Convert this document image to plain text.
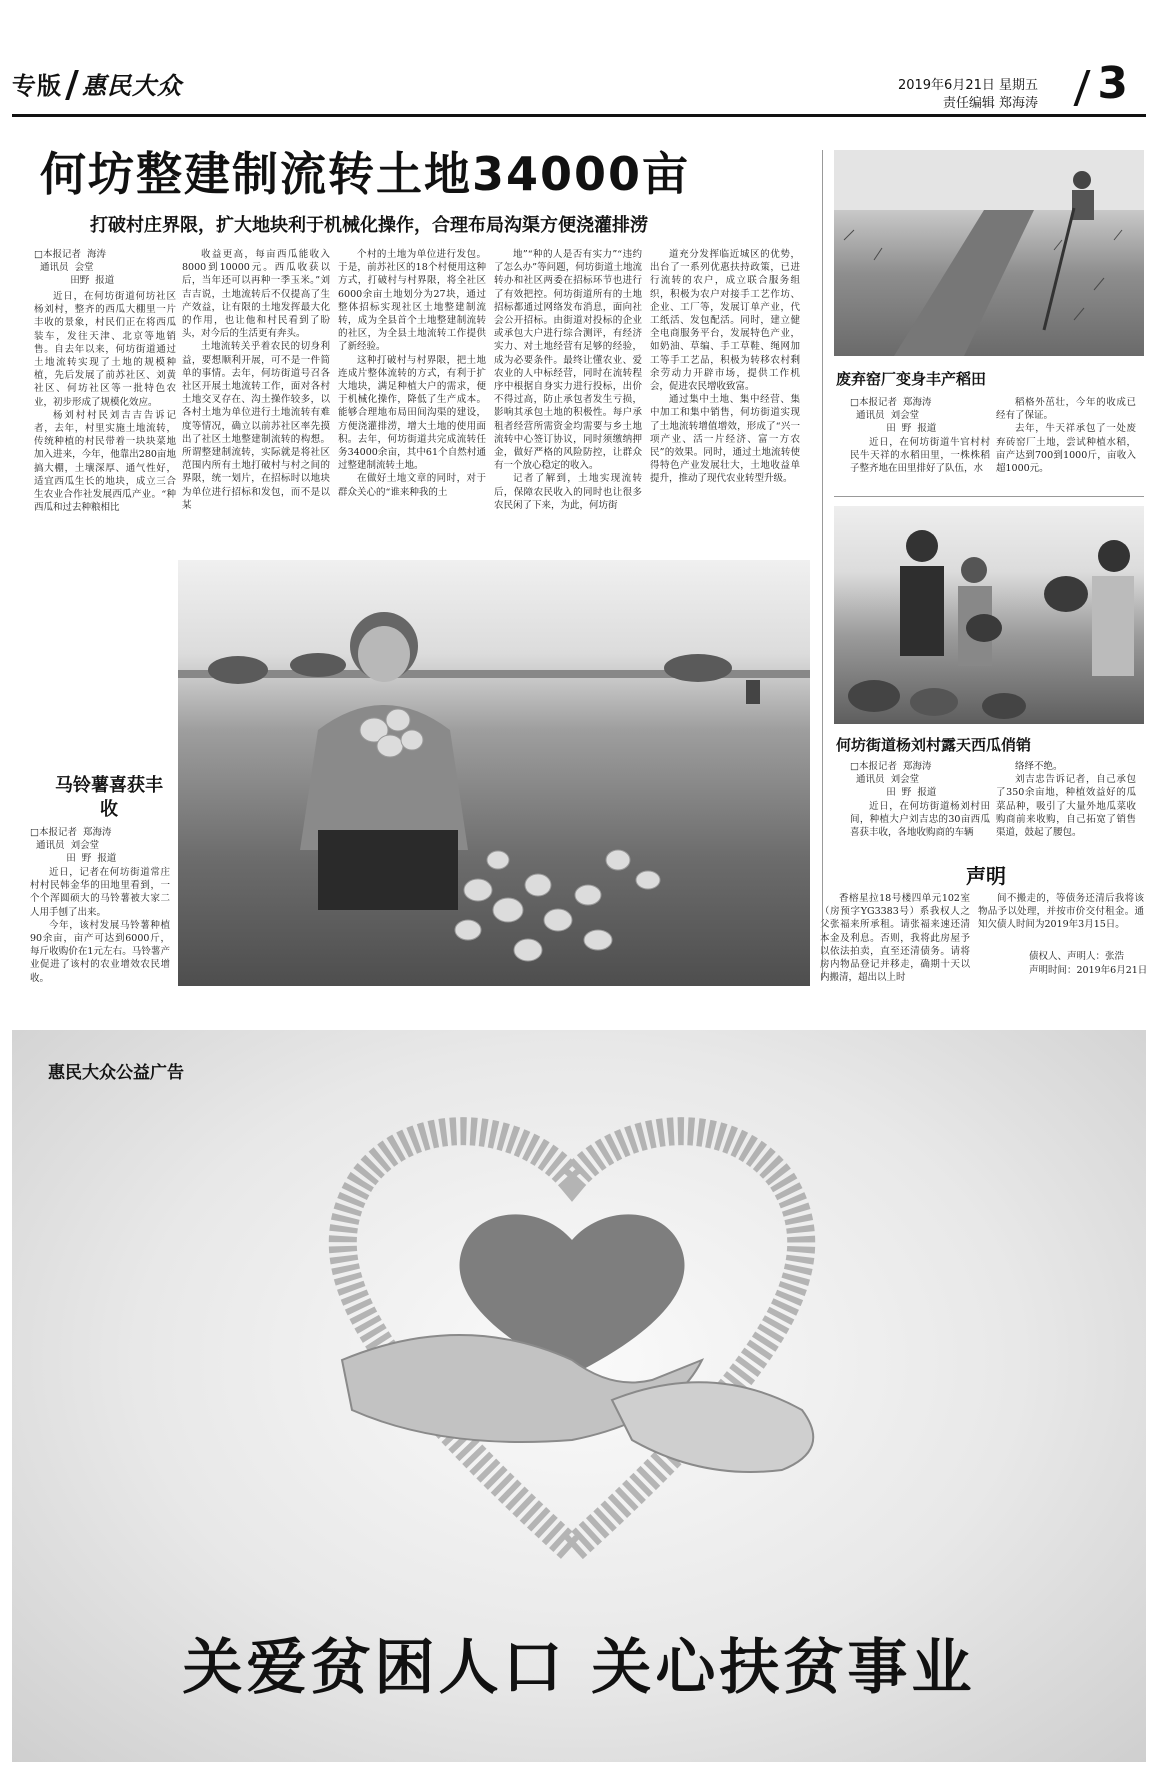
专版 惠民大众	2019年6月21日 星期五
责任编辑 郑海涛 3
何坊整建制流转土地34000亩
打破村庄界限，扩大地块利于机械化操作，合理布局沟渠方便浇灌排涝
□本报记者  海涛
通讯员  会堂
田野  报道

近日，在何坊街道何坊社区杨刘村，整齐的西瓜大棚里一片丰收的景象，村民们正在将西瓜装车，发往天津、北京等地销售。自去年以来，何坊街道通过土地流转实现了土地的规模种植，先后发展了前苏社区、刘黄社区、何坊社区等一批特色农业，初步形成了规模化效应。

杨刘村村民刘吉吉告诉记者，去年，村里实施土地流转，传统种植的村民带着一块块菜地加入进来，今年，他靠出280亩地搞大棚，土壤深厚、通气性好，适宜西瓜生长的地块，成立三合生农业合作社发展西瓜产业。“种西瓜和过去种粮相比

收益更高，每亩西瓜能收入8000到10000元。西瓜收获以后，当年还可以再种一季玉米。”刘吉吉说，土地流转后不仅提高了生产效益，让有限的土地发挥最大化的作用，也让他和村民看到了盼头，对今后的生活更有奔头。

土地流转关乎着农民的切身利益，要想顺利开展，可不是一件简单的事情。去年，何坊街道号召各社区开展土地流转工作，面对各村土地交叉存在、沟土操作较多，以各村土地为单位进行土地流转有难度等情况，确立以前苏社区率先摸出了社区土地整建制流转的构想。所谓整建制流转，实际就是将社区范围内所有土地打破村与村之间的界限，统一划片，在招标时以地块为单位进行招标和发包，而不是以某

个村的土地为单位进行发包。于是，前苏社区的18个村便用这种方式，打破村与村界限，将全社区6000余亩土地划分为27块，通过整体招标实现社区土地整建制流转，成为全县首个土地整建制流转的社区，为全县土地流转工作提供了新经验。

这种打破村与村界限，把土地连成片整体流转的方式，有利于扩大地块，满足种植大户的需求，便于机械化操作，降低了生产成本。能够合理地布局田间沟渠的建设，方便浇灌排涝，增大土地的使用面积。去年，何坊街道共完成流转任务34000余亩，其中61个自然村通过整建制流转土地。

在做好土地文章的同时，对于群众关心的“谁来种我的土

地”“种的人是否有实力”“违约了怎么办”等问题，何坊街道土地流转办和社区两委在招标环节也进行了有效把控。何坊街道所有的土地招标都通过网络发布消息，面向社会公开招标。由街道对投标的企业或承包大户进行综合测评，有经济实力、对土地经营有足够的经验，成为必要条件。最终让懂农业、爱农业的人中标经营，同时在流转程序中根据自身实力进行投标，出价不得过高，防止承包者发生亏损，影响其承包土地的积极性。每户承租者经营所需资金均需要与乡土地流转中心签订协议，同时须缴纳押金，做好严格的风险防控，让群众有一个放心稳定的收入。

记者了解到，土地实现流转后，保障农民收入的同时也让很多农民闲了下来，为此，何坊街

道充分发挥临近城区的优势，出台了一系列优惠扶持政策，已进行流转的农户，成立联合服务组织，积极为农户对接手工艺作坊、企业、工厂等，发展订单产业，代工纸活、发包配活。同时，建立健全电商服务平台，发展特色产业，如奶油、草编、手工草鞋、绳网加工等手工艺品，积极为转移农村剩余劳动力开辟市场，提供工作机会，促进农民增收致富。

通过集中土地、集中经营、集中加工和集中销售，何坊街道实现了土地流转增值增效，形成了“兴一项产业、活一片经济、富一方农民”的效果。同时，通过土地流转使得特色产业发展壮大，土地收益单提升，推动了现代农业转型升级。

废弃窑厂变身丰产稻田
□本报记者  郑海涛
通讯员  刘会堂
田  野  报道

近日，在何坊街道牛官村村民牛天祥的水稻田里，一株株稻子整齐地在田里排好了队伍，水

稻格外茁壮，今年的收成已经有了保证。

去年，牛天祥承包了一处废弃砖窑厂土地，尝试种植水稻，亩产达到700到1000斤，亩收入超1000元。

何坊街道杨刘村露天西瓜俏销
□本报记者  郑海涛
通讯员  刘会堂
田  野  报道

近日，在何坊街道杨刘村田间，种植大户刘吉忠的30亩西瓜喜获丰收，各地收购商的车辆

络绎不绝。

刘吉忠告诉记者，自己承包了350余亩地，种植效益好的瓜菜品种，吸引了大量外地瓜菜收购商前来收购，自己拓宽了销售渠道，鼓起了腰包。

声明

香榕星拉18号楼四单元102室（房预字YG3383号）系我权人之父张福来所承租。请张福来速还清本金及利息。否则，我将此房屋予以依法拍卖，直至还清债务。请将房内物品登记并移走，确期十天以内搬清，超出以上时

间不搬走的，等债务还清后我将该物品予以处理，并按市价交付租金。通知欠债人时间为2019年3月15日。

债权人、声明人：张浩

声明时间：2019年6月21日

马铃薯喜获丰收
□本报记者  郑海涛
通讯员  刘会堂
田  野  报道

近日，记者在何坊街道常庄村村民韩金华的田地里看到，一个个浑圆硕大的马铃薯被大家二人用手刨了出来。

今年，该村发展马铃薯种植90余亩，亩产可达到6000斤，每斤收购价在1元左右。马铃薯产业促进了该村的农业增效农民增收。

惠民大众公益广告
关爱贫困人口 关心扶贫事业
